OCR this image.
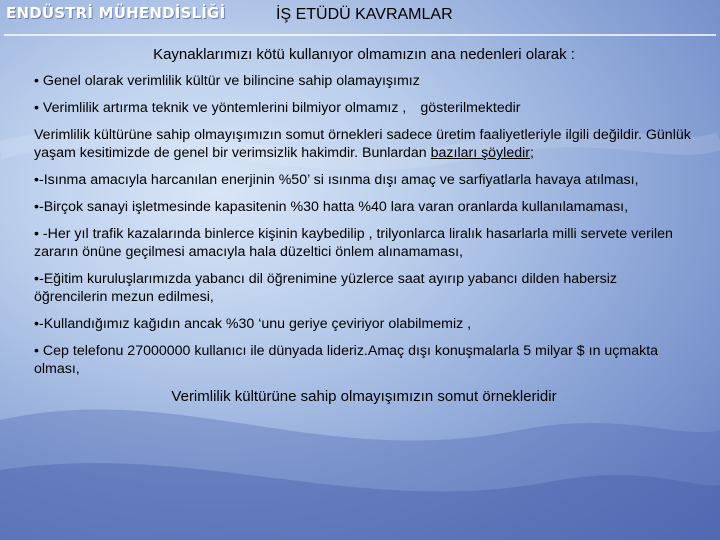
ENDÜSTRİ MÜHENDİSLİĞİ	İŞ ETÜDÜ KAVRAMLAR
Kaynaklarımızı kötü kullanıyor olmamızın ana nedenleri olarak :
• Genel olarak verimlilik kültür ve bilincine sahip olamayışımız
• Verimlilik artırma teknik ve yöntemlerini bilmiyor olmamız , gösterilmektedir
Verimlilik kültürüne sahip olmayışımızın somut örnekleri sadece üretim faaliyetleriyle ilgili değildir. Günlük yaşam kesitimizde de genel bir verimsizlik hakimdir. Bunlardan bazıları şöyledir;
•-Isınma amacıyla harcanılan enerjinin %50’ si ısınma dışı amaç ve sarfiyatlarla havaya atılması,
•-Birçok sanayi işletmesinde kapasitenin %30 hatta %40 lara varan oranlarda kullanılamaması,
• -Her yıl trafik kazalarında binlerce kişinin kaybedilip , trilyonlarca liralık hasarlarla milli servete verilen zararın önüne geçilmesi amacıyla hala düzeltici önlem alınamaması,
•-Eğitim kuruluşlarımızda yabancı dil öğrenimine yüzlerce saat ayırıp yabancı dilden habersiz öğrencilerin mezun edilmesi,
•-Kullandığımız kağıdın ancak %30 ‘unu geriye çeviriyor olabilmemiz ,
• Cep telefonu 27000000 kullanıcı ile dünyada lideriz.Amaç dışı konuşmalarla 5 milyar $ ın uçmakta olması,
Verimlilik kültürüne sahip olmayışımızın somut örnekleridir
